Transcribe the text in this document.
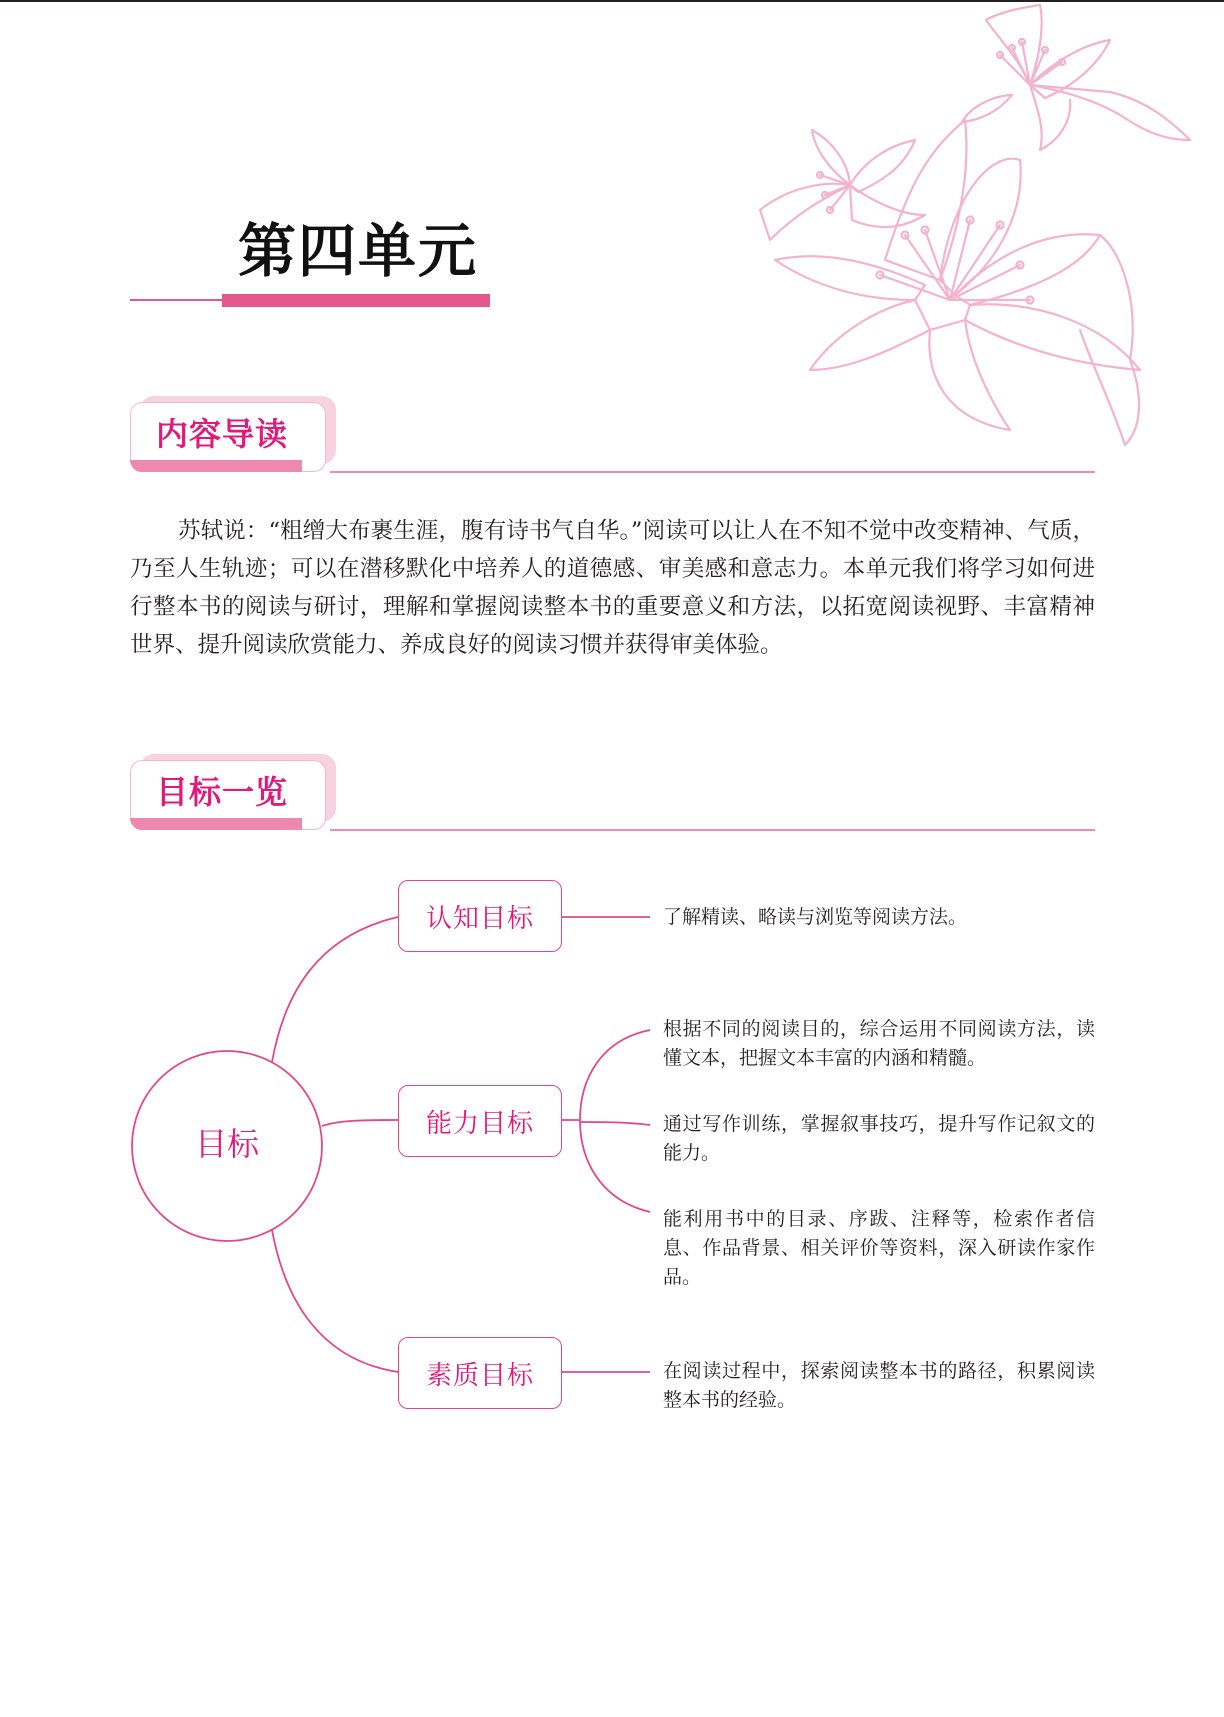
第四单元
内容导读
苏轼说：“粗缯大布裹生涯，腹有诗书气自华。”阅读可以让人在不知不觉中改变精神、气质，乃至人生轨迹；可以在潜移默化中培养人的道德感、审美感和意志力。本单元我们将学习如何进行整本书的阅读与研讨，理解和掌握阅读整本书的重要意义和方法，以拓宽阅读视野、丰富精神世界、提升阅读欣赏能力、养成良好的阅读习惯并获得审美体验。
目标一览
目标
认知目标
能力目标
素质目标
了解精读、略读与浏览等阅读方法。
根据不同的阅读目的，综合运用不同阅读方法，读懂文本，把握文本丰富的内涵和精髓。
通过写作训练，掌握叙事技巧，提升写作记叙文的能力。
能利用书中的目录、序跋、注释等，检索作者信息、作品背景、相关评价等资料，深入研读作家作品。
在阅读过程中，探索阅读整本书的路径，积累阅读整本书的经验。
